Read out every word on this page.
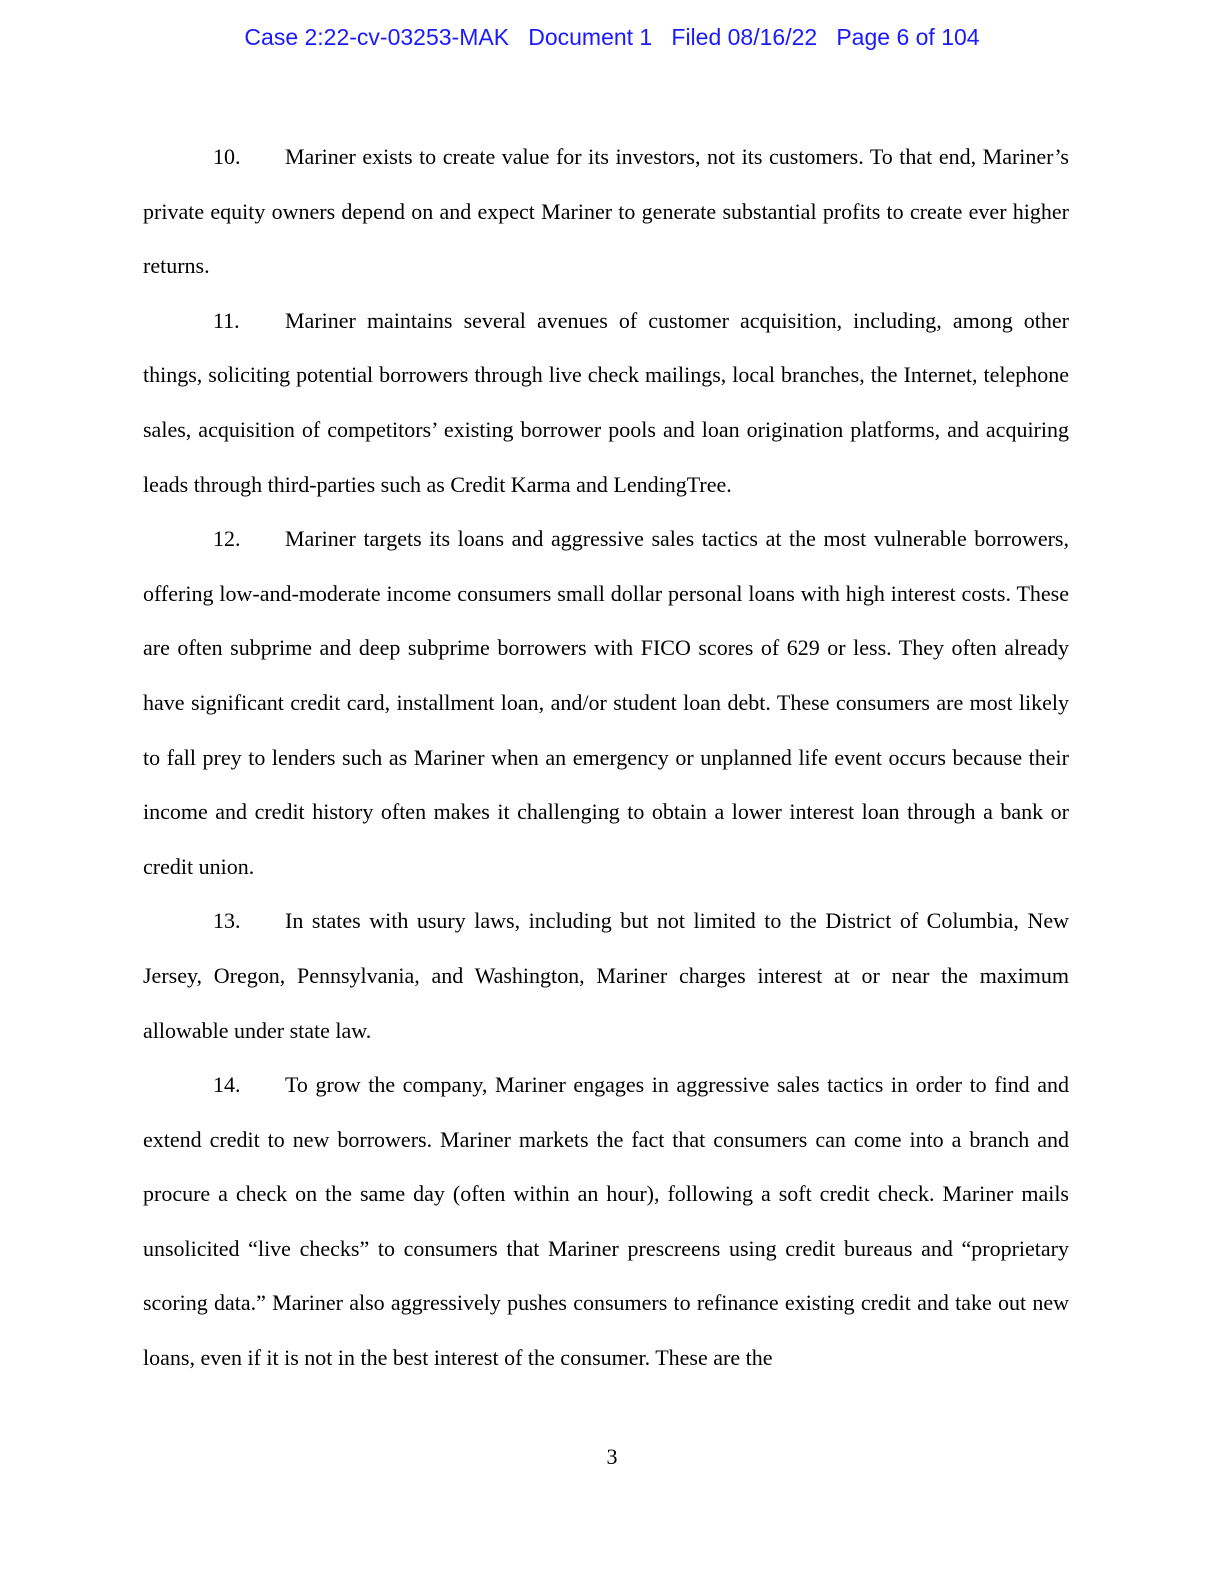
Case 2:22-cv-03253-MAK   Document 1   Filed 08/16/22   Page 6 of 104

10. Mariner exists to create value for its investors, not its customers. To that end, Mariner’s private equity owners depend on and expect Mariner to generate substantial profits to create ever higher returns.

11. Mariner maintains several avenues of customer acquisition, including, among other things, soliciting potential borrowers through live check mailings, local branches, the Internet, telephone sales, acquisition of competitors’ existing borrower pools and loan origination platforms, and acquiring leads through third-parties such as Credit Karma and LendingTree.

12. Mariner targets its loans and aggressive sales tactics at the most vulnerable borrowers, offering low-and-moderate income consumers small dollar personal loans with high interest costs. These are often subprime and deep subprime borrowers with FICO scores of 629 or less. They often already have significant credit card, installment loan, and/or student loan debt. These consumers are most likely to fall prey to lenders such as Mariner when an emergency or unplanned life event occurs because their income and credit history often makes it challenging to obtain a lower interest loan through a bank or credit union.

13. In states with usury laws, including but not limited to the District of Columbia, New Jersey, Oregon, Pennsylvania, and Washington, Mariner charges interest at or near the maximum allowable under state law.

14. To grow the company, Mariner engages in aggressive sales tactics in order to find and extend credit to new borrowers. Mariner markets the fact that consumers can come into a branch and procure a check on the same day (often within an hour), following a soft credit check. Mariner mails unsolicited “live checks” to consumers that Mariner prescreens using credit bureaus and “proprietary scoring data.” Mariner also aggressively pushes consumers to refinance existing credit and take out new loans, even if it is not in the best interest of the consumer. These are the

3
